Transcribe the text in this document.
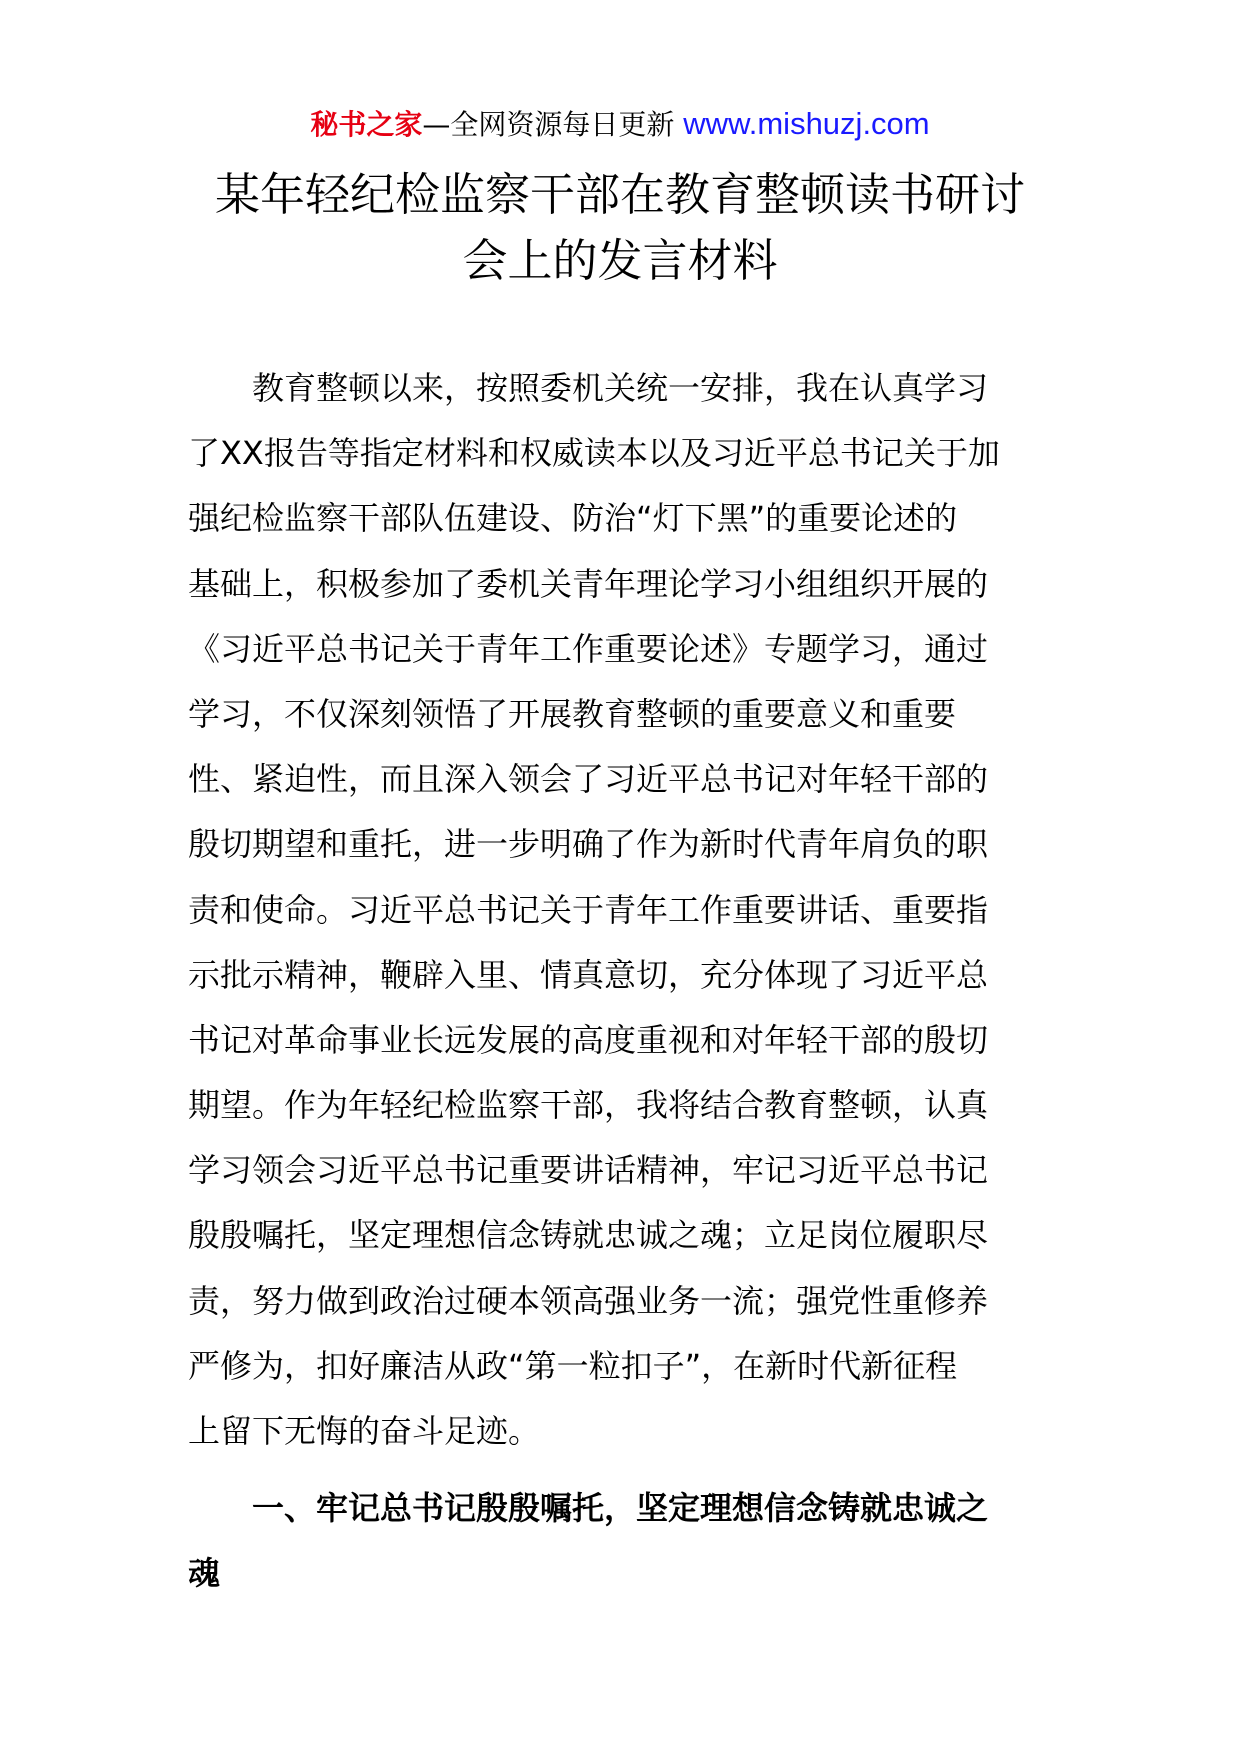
秘书之家—全网资源每日更新 www.mishuzj.com
某年轻纪检监察干部在教育整顿读书研讨
会上的发言材料
　　教育整顿以来，按照委机关统一安排，我在认真学习
了XX报告等指定材料和权威读本以及习近平总书记关于加
强纪检监察干部队伍建设、防治“灯下黑”的重要论述的
基础上，积极参加了委机关青年理论学习小组组织开展的
《习近平总书记关于青年工作重要论述》专题学习，通过
学习，不仅深刻领悟了开展教育整顿的重要意义和重要
性、紧迫性，而且深入领会了习近平总书记对年轻干部的
殷切期望和重托，进一步明确了作为新时代青年肩负的职
责和使命。习近平总书记关于青年工作重要讲话、重要指
示批示精神，鞭辟入里、情真意切，充分体现了习近平总
书记对革命事业长远发展的高度重视和对年轻干部的殷切
期望。作为年轻纪检监察干部，我将结合教育整顿，认真
学习领会习近平总书记重要讲话精神，牢记习近平总书记
殷殷嘱托，坚定理想信念铸就忠诚之魂；立足岗位履职尽
责，努力做到政治过硬本领高强业务一流；强党性重修养
严修为，扣好廉洁从政“第一粒扣子”，在新时代新征程
上留下无悔的奋斗足迹。
　　一、牢记总书记殷殷嘱托，坚定理想信念铸就忠诚之
魂
